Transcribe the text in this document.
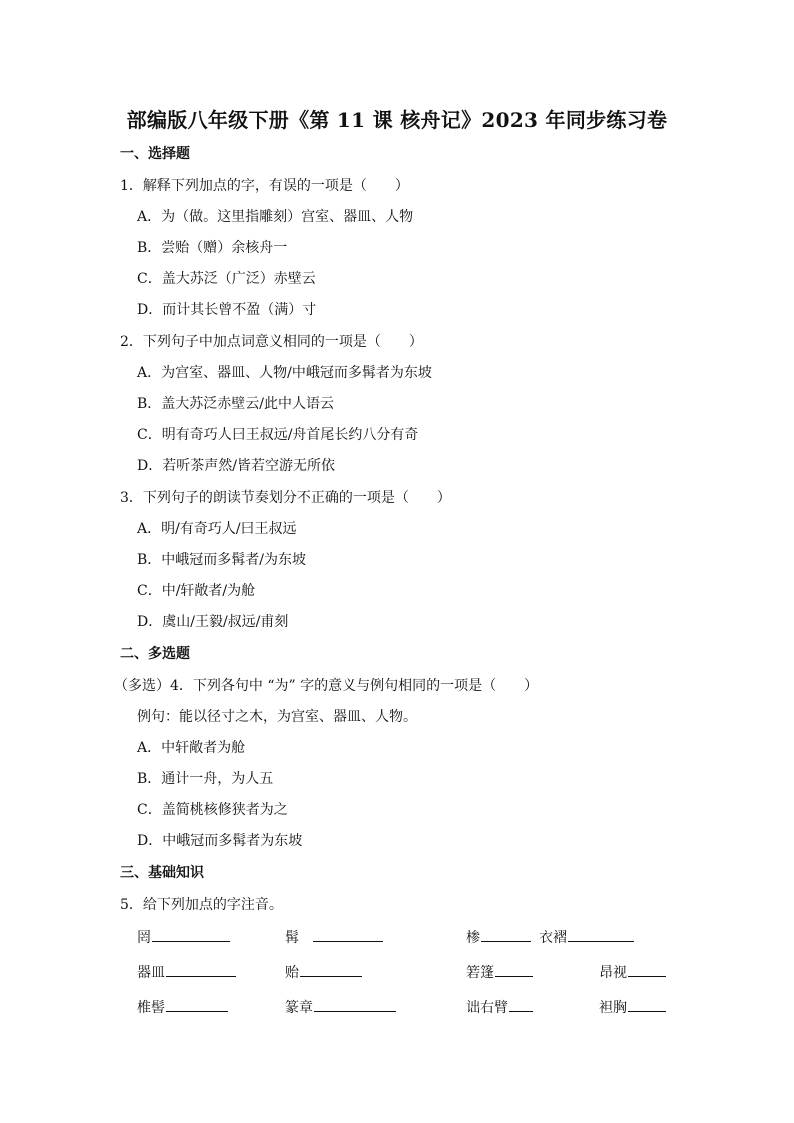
部编版八年级下册《第 11 课 核舟记》2023 年同步练习卷
一、选择题
1．解释下列加点的字，有误的一项是（　　）
A．为（做。这里指雕刻）宫室、器皿、人物
B．尝贻（赠）余核舟一
C．盖大苏泛（广泛）赤壁云
D．而计其长曾不盈（满）寸
2．下列句子中加点词意义相同的一项是（　　）
A．为宫室、器皿、人物/中峨冠而多髯者为东坡
B．盖大苏泛赤壁云/此中人语云
C．明有奇巧人曰王叔远/舟首尾长约八分有奇
D．若听茶声然/皆若空游无所依
3．下列句子的朗读节奏划分不正确的一项是（　　）
A．明/有奇巧人/曰王叔远
B．中峨冠而多髯者/为东坡
C．中/轩敞者/为舱
D．虞山/王毅/叔远/甫刻
二、多选题
（多选）4．下列各句中 “为” 字的意义与例句相同的一项是（　　）
例句：能以径寸之木，为宫室、器皿、人物。
A．中轩敞者为舱
B．通计一舟，为人五
C．盖简桃核修狭者为之
D．中峨冠而多髯者为东坡
三、基础知识
5．给下列加点的字注音。
罔	髯	椮	衣褶
器皿	贻	箬篷	昂视
椎髻	篆章	诎右臂	袒胸
